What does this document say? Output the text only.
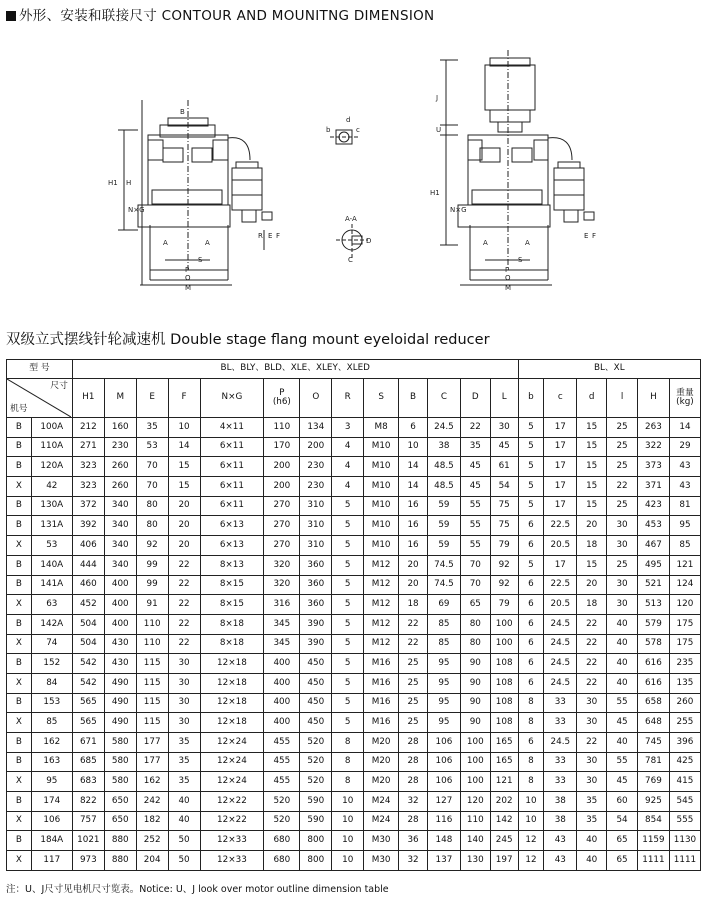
外形、安装和联接尺寸 CONTOUR AND MOUNITNG DIMENSION
H1 H
B
N×G
A	A
E F
R
S
P
O
M
b
d
c
A-A
D
C
J
U
H1
N×G
A	A
E F
S
P
O
M
双级立式摆线针轮减速机 Double stage flang mount eyeloidal reducer
型 号		BL、BLY、BLD、XLE、XLEY、XLED													BL、XL					

尺寸
机号		H1	M	E	F	N×G	P
(h6)	O	R	S	B	C	D	L	b	c	d	l	H	重量
(kg)
B	100A	212	160	35	10	4×11	110	134	3	M8	6	24.5	22	30	5	17	15	25	263	14
B	110A	271	230	53	14	6×11	170	200	4	M10	10	38	35	45	5	17	15	25	322	29
B	120A	323	260	70	15	6×11	200	230	4	M10	14	48.5	45	61	5	17	15	25	373	43
X	42	323	260	70	15	6×11	200	230	4	M10	14	48.5	45	54	5	17	15	22	371	43
B	130A	372	340	80	20	6×11	270	310	5	M10	16	59	55	75	5	17	15	25	423	81
B	131A	392	340	80	20	6×13	270	310	5	M10	16	59	55	75	6	22.5	20	30	453	95
X	53	406	340	92	20	6×13	270	310	5	M10	16	59	55	79	6	20.5	18	30	467	85
B	140A	444	340	99	22	8×13	320	360	5	M12	20	74.5	70	92	5	17	15	25	495	121
B	141A	460	400	99	22	8×15	320	360	5	M12	20	74.5	70	92	6	22.5	20	30	521	124
X	63	452	400	91	22	8×15	316	360	5	M12	18	69	65	79	6	20.5	18	30	513	120
B	142A	504	400	110	22	8×18	345	390	5	M12	22	85	80	100	6	24.5	22	40	579	175
X	74	504	430	110	22	8×18	345	390	5	M12	22	85	80	100	6	24.5	22	40	578	175
B	152	542	430	115	30	12×18	400	450	5	M16	25	95	90	108	6	24.5	22	40	616	235
X	84	542	490	115	30	12×18	400	450	5	M16	25	95	90	108	6	24.5	22	40	616	135
B	153	565	490	115	30	12×18	400	450	5	M16	25	95	90	108	8	33	30	55	658	260
X	85	565	490	115	30	12×18	400	450	5	M16	25	95	90	108	8	33	30	45	648	255
B	162	671	580	177	35	12×24	455	520	8	M20	28	106	100	165	6	24.5	22	40	745	396
B	163	685	580	177	35	12×24	455	520	8	M20	28	106	100	165	8	33	30	55	781	425
X	95	683	580	162	35	12×24	455	520	8	M20	28	106	100	121	8	33	30	45	769	415
B	174	822	650	242	40	12×22	520	590	10	M24	32	127	120	202	10	38	35	60	925	545
X	106	757	650	182	40	12×22	520	590	10	M24	28	116	110	142	10	38	35	54	854	555
B	184A	1021	880	252	50	12×33	680	800	10	M30	36	148	140	245	12	43	40	65	1159	1130
X	117	973	880	204	50	12×33	680	800	10	M30	32	137	130	197	12	43	40	65	1111	1111
注：U、J尺寸见电机尺寸览表。Notice: U、J look over motor outline dimension table
